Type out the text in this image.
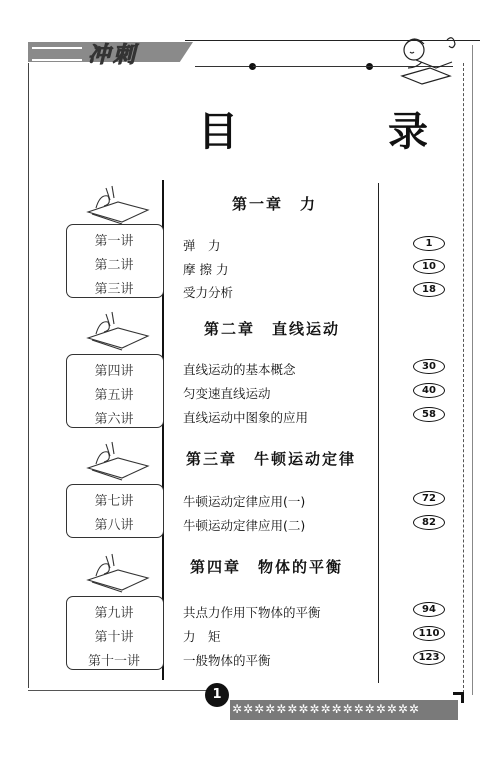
冲刺
目　录
第一讲
第二讲
第三讲
第一章　力
弹　力
摩 擦 力
受力分析
1
10
18
第四讲
第五讲
第六讲
第二章　直线运动
直线运动的基本概念
匀变速直线运动
直线运动中图象的应用
30
40
58
第七讲
第八讲
第三章　牛顿运动定律
牛顿运动定律应用(一)
牛顿运动定律应用(二)
72
82
第九讲
第十讲
第十一讲
第四章　物体的平衡
共点力作用下物体的平衡
力　矩
一般物体的平衡
94
110
123
✲✲✲✲✲✲✲✲✲✲✲✲✲✲✲✲✲
1
